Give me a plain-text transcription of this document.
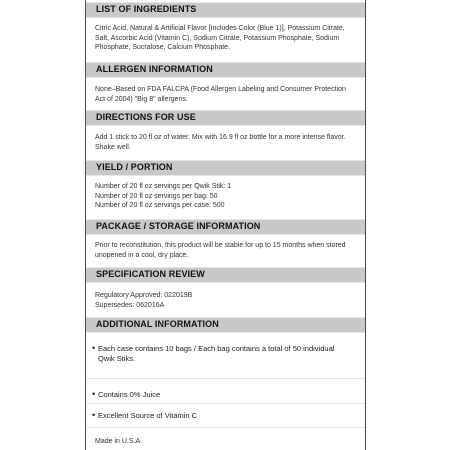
LIST OF INGREDIENTS
Citric Acid, Natural & Artificial Flavor [Includes Color (Blue 1)], Potassium Citrate,
Salt, Ascorbic Acid (Vitamin C), Sodium Citrate, Potassium Phosphate, Sodium
Phosphate, Sucralose, Calcium Phosphate.
ALLERGEN INFORMATION
None–Based on FDA FALCPA (Food Allergen Labeling and Consumer Protection
Act of 2004) "Big 8" allergens.
DIRECTIONS FOR USE
Add 1 stick to 20 fl oz of water. Mix with 16.9 fl oz bottle for a more intense flavor.
Shake well.
YIELD / PORTION
Number of 20 fl oz servings per Qwik Stik: 1
Number of 20 fl oz servings per bag: 50
Number of 20 fl oz servings per case: 500
PACKAGE / STORAGE INFORMATION
Prior to reconstitution, this product will be stable for up to 15 months when stored
unopened in a cool, dry place.
SPECIFICATION REVIEW
Regulatory Approved: 022019B
Supersedes: 062016A
ADDITIONAL INFORMATION
• Each case contains 10 bags / Each bag contains a total of 50 individual
Qwik Stiks.
• Contains 0% Juice
• Excellent Source of Vitamin C
Made in U.S.A.
